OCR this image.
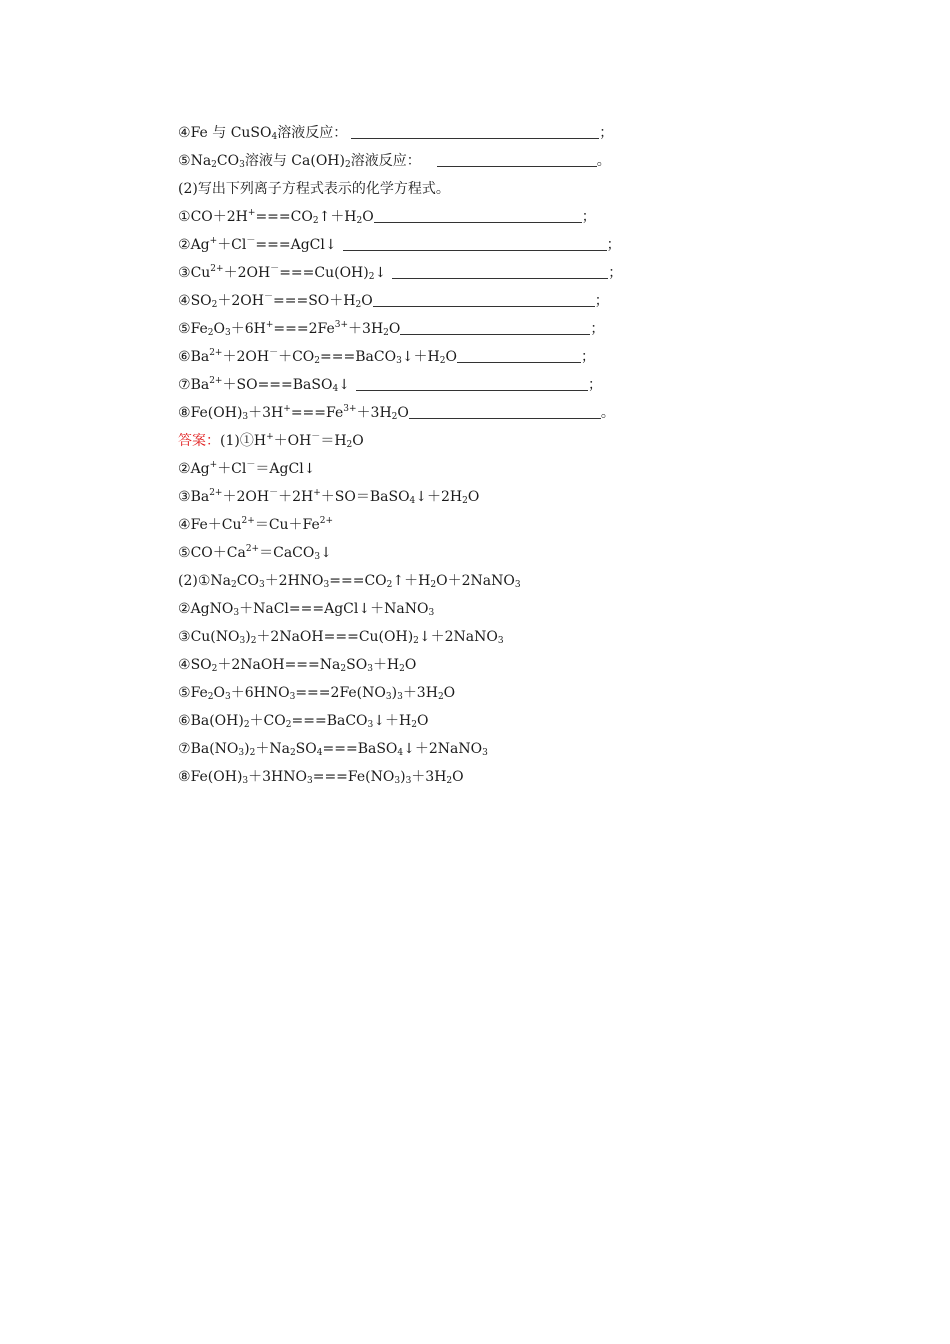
④Fe 与 CuSO$_4$溶液反应：	；
$⑤Na_2CO_3$溶液与 $Ca(OH)_2$溶液反应：	。
(2)写出下列离子方程式表示的化学方程式。
$①CO+2H^+===CO_2↑+H_2O$	；
②Ag+＋Cl－===AgCl↓	；
$③Cu^{2+}+2OH^-===Cu(OH)_2↓$	；
$④SO_2+2OH^-===SO+H_2O$	；
$⑤Fe_2O_3+6H^+===2Fe^{3+}+3H_2O$	；
$⑥Ba^{2+}+2OH^-+CO_2===BaCO_3↓+H_2O$	；
$⑦Ba^{2+}+SO===BaSO_4↓$	；
$⑧Fe(OH)_3+3H^+===Fe^{3+}+3H_2O$	。
答案：$(1)①H^++OH^-=H_2O$
②Ag+＋Cl－＝AgCl↓
$③Ba^{2+}+2OH^-+2H^++SO=BaSO_4↓+2H_2O$
$④Fe+Cu^{2+}=Cu+Fe^{2+}$
$⑤CO+Ca^{2+}=CaCO_3↓$
$(2)①Na_2CO_3+2HNO_3===CO_2↑+H_2O+2NaNO_3$
②AgNO$_3$＋NaCl===AgCl↓＋NaNO$_3$
$③Cu(NO_3)_2+2NaOH===Cu(OH)_2↓+2NaNO_3$
$④SO_2+2NaOH===Na_2SO_3+H_2O$
$⑤Fe_2O_3+6HNO_3===2Fe(NO_3)_3+3H_2O$
$⑥Ba(OH)_2+CO_2===BaCO_3↓+H_2O$
$⑦Ba(NO_3)_2+Na_2SO_4===BaSO_4↓+2NaNO_3$
$⑧Fe(OH)_3+3HNO_3===Fe(NO_3)_3+3H_2O$
